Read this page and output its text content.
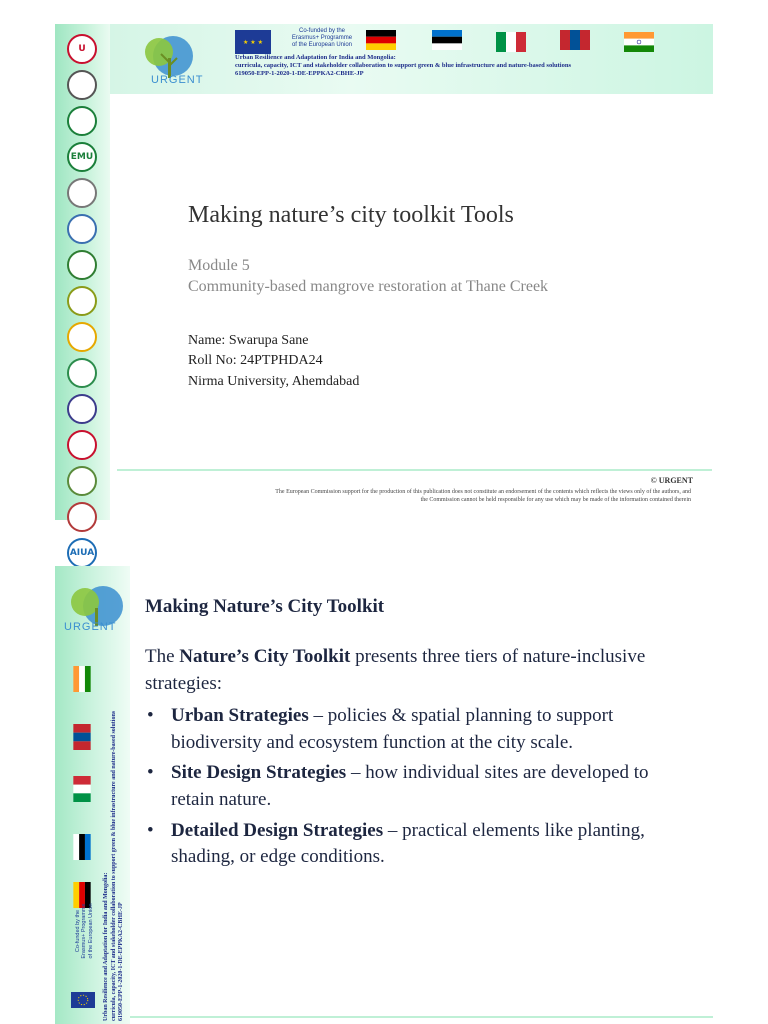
U
EMU
AIUA
URGENT
★ ★ ★
Co-funded by the
Erasmus+ Programme
of the European Union
Urban Resilience and Adaptation for India and Mongolia:
curricula, capacity, ICT and stakeholder collaboration to support green & blue infrastructure and nature-based solutions
619050-EPP-1-2020-1-DE-EPPKA2-CBHE-JP
Making nature’s city toolkit Tools
Module 5
Community-based mangrove restoration at Thane Creek
Name: Swarupa Sane
Roll No: 24PTPHDA24
Nirma University, Ahemdabad
© URGENT
The European Commission support for the production of this publication does not constitute an endorsement of the contents which reflects the views only of the authors, and the Commission cannot be held responsible for any use which may be made of the information contained therein
URGENT
Co-funded by the Erasmus+ Programme of the European Union Urban Resilience and Adaptation for India and Mongolia: curricula, capacity, ICT and stakeholder collaboration to support green & blue infrastructure and nature-based solutions 619050-EPP-1-2020-1-DE-EPPKA2-CBHE-JP
Making Nature’s City Toolkit

The Nature’s City Toolkit presents three tiers of nature-inclusive strategies:

• Urban Strategies – policies & spatial planning to support biodiversity and ecosystem function at the city scale.
• Site Design Strategies – how individual sites are developed to retain nature.
• Detailed Design Strategies – practical elements like planting, shading, or edge conditions.
